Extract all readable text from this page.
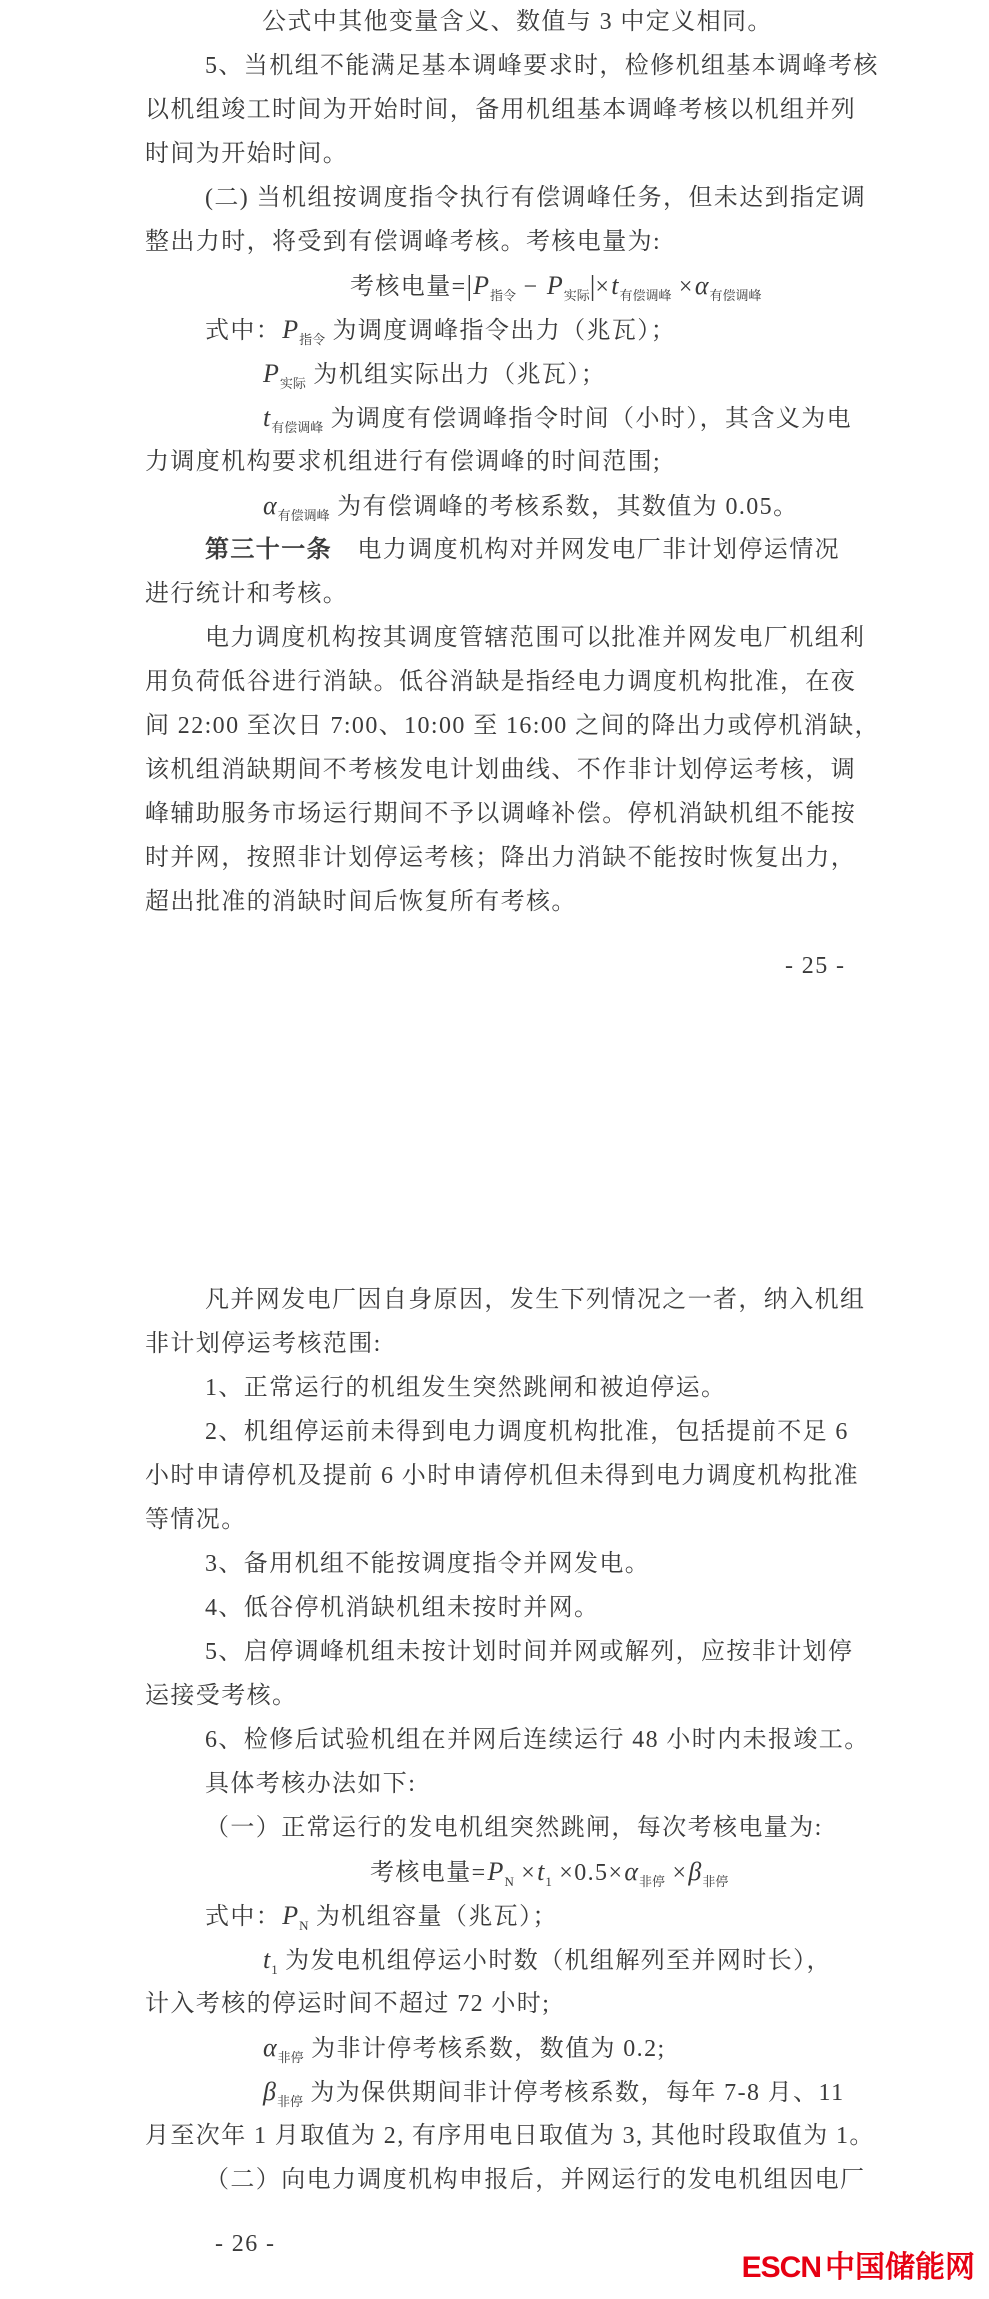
公式中其他变量含义、数值与 3 中定义相同。
5、当机组不能满足基本调峰要求时，检修机组基本调峰考核
以机组竣工时间为开始时间，备用机组基本调峰考核以机组并列
时间为开始时间。
(二) 当机组按调度指令执行有偿调峰任务，但未达到指定调
整出力时，将受到有偿调峰考核。考核电量为:
考核电量$=|P_{指令} - P_{实际}|\times t_{有偿调峰} \times\alpha_{有偿调峰}$
式中：$P_{指令}$ 为调度调峰指令出力（兆瓦）；
$P_{实际}$ 为机组实际出力（兆瓦）；
$t_{有偿调峰}$ 为调度有偿调峰指令时间（小时），其含义为电
力调度机构要求机组进行有偿调峰的时间范围;
$\alpha_{有偿调峰}$ 为有偿调峰的考核系数，其数值为 0.05。
第三十一条　电力调度机构对并网发电厂非计划停运情况
进行统计和考核。
电力调度机构按其调度管辖范围可以批准并网发电厂机组利
用负荷低谷进行消缺。低谷消缺是指经电力调度机构批准，在夜
间 22:00 至次日 7:00、10:00 至 16:00 之间的降出力或停机消缺，
该机组消缺期间不考核发电计划曲线、不作非计划停运考核，调
峰辅助服务市场运行期间不予以调峰补偿。停机消缺机组不能按
时并网，按照非计划停运考核；降出力消缺不能按时恢复出力，
超出批准的消缺时间后恢复所有考核。
- 25 -
凡并网发电厂因自身原因，发生下列情况之一者，纳入机组
非计划停运考核范围:
1、正常运行的机组发生突然跳闸和被迫停运。
2、机组停运前未得到电力调度机构批准，包括提前不足 6
小时申请停机及提前 6 小时申请停机但未得到电力调度机构批准
等情况。
3、备用机组不能按调度指令并网发电。
4、低谷停机消缺机组未按时并网。
5、启停调峰机组未按计划时间并网或解列，应按非计划停
运接受考核。
6、检修后试验机组在并网后连续运行 48 小时内未报竣工。
具体考核办法如下:
（一）正常运行的发电机组突然跳闸，每次考核电量为:
考核电量$=P_N \times t_1 \times 0.5\times\alpha_{非停} \times\beta_{非停}$
式中：$P_N$ 为机组容量（兆瓦）；
$t_1$ 为发电机组停运小时数（机组解列至并网时长），
计入考核的停运时间不超过 72 小时;
$\alpha_{非停}$ 为非计停考核系数，数值为 0.2;
$\beta_{非停}$ 为为保供期间非计停考核系数，每年 7-8 月、11
月至次年 1 月取值为 2, 有序用电日取值为 3, 其他时段取值为 1。
（二）向电力调度机构申报后，并网运行的发电机组因电厂
- 26 -
ESCN 中国储能网
